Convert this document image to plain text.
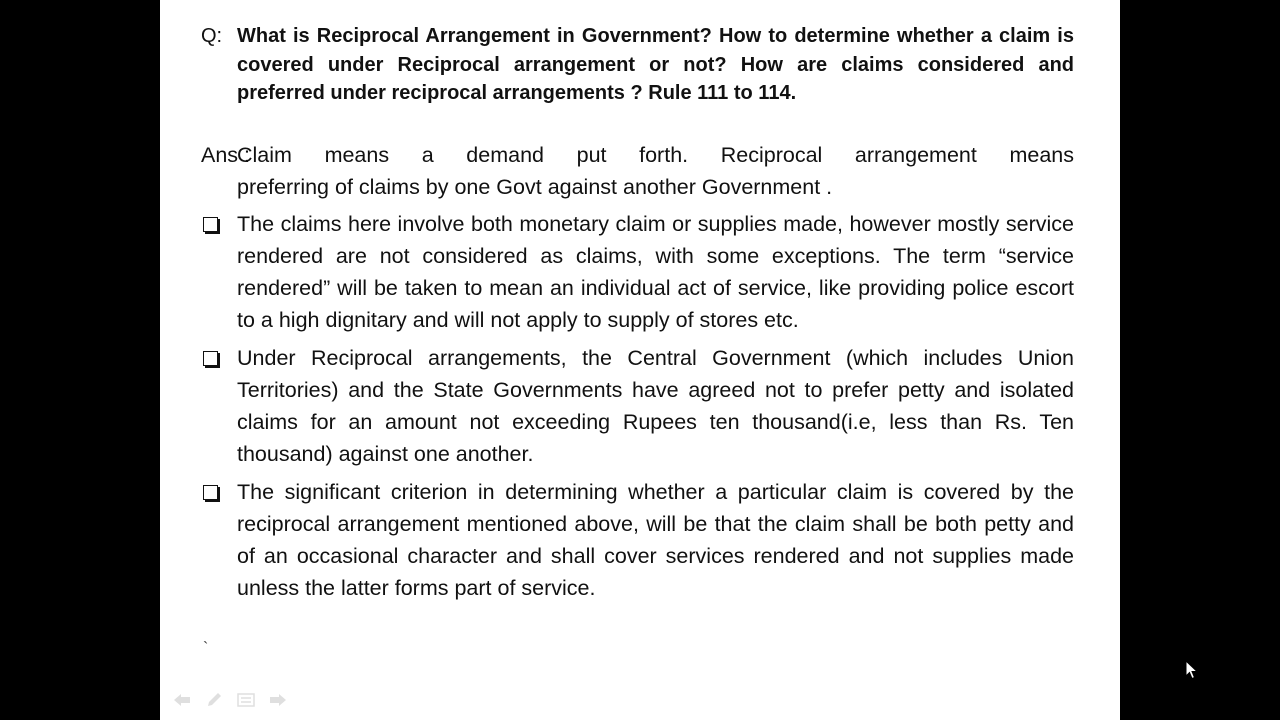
Q: What is Reciprocal Arrangement in Government? How to determine whether a claim is covered under Reciprocal arrangement or not? How are claims considered and preferred under reciprocal arrangements ? Rule 111 to 114.
Ans :
Claim means a demand put forth. Reciprocal arrangement means
preferring of claims by one Govt against another Government .
The claims here involve both monetary claim or supplies made, however mostly service rendered are not considered as claims, with some exceptions. The term “service rendered” will be taken to mean an individual act of service, like providing police escort to a high dignitary and will not apply to supply of stores etc.
Under Reciprocal arrangements, the Central Government (which includes Union Territories) and the State Governments have agreed not to prefer petty and isolated claims for an amount not exceeding Rupees ten thousand(i.e, less than Rs. Ten thousand) against one another.
The significant criterion in determining whether a particular claim is covered by the reciprocal arrangement mentioned above, will be that the claim shall be both petty and of an occasional character and shall cover services rendered and not supplies made unless the latter forms part of service.
`
